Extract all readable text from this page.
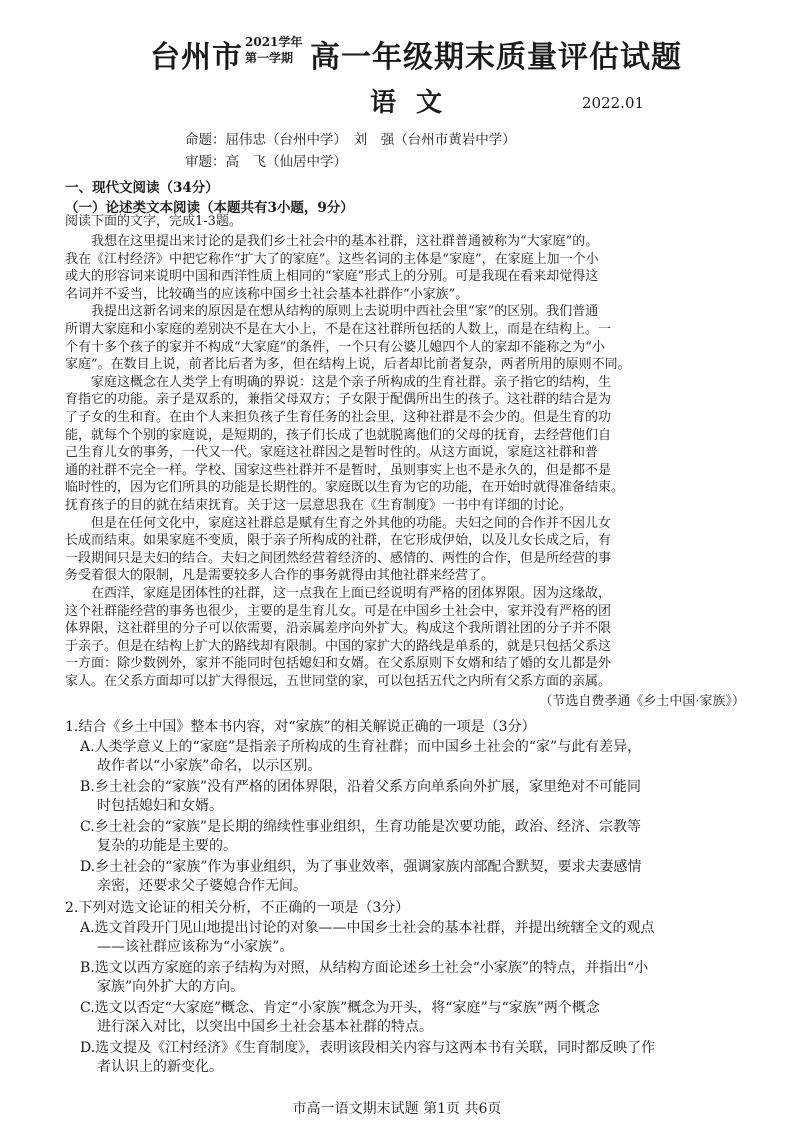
台州市 2021学年
第一学期 高一年级期末质量评估试题
语文	2022.01
命题：屈伟忠（台州中学）　刘　强（台州市黄岩中学）
审题：高　飞（仙居中学）
一、现代文阅读（34分）
（一）论述类文本阅读（本题共有3小题，9分）
阅读下面的文字，完成1-3题。
　　我想在这里提出来讨论的是我们乡土社会中的基本社群，这社群普通被称为“大家庭”的。
我在《江村经济》中把它称作“扩大了的家庭”。这些名词的主体是“家庭”，在家庭上加一个小
或大的形容词来说明中国和西洋性质上相同的“家庭”形式上的分别。可是我现在看来却觉得这
名词并不妥当，比较确当的应该称中国乡土社会基本社群作“小家族”。
　　我提出这新名词来的原因是在想从结构的原则上去说明中西社会里“家”的区别。我们普通
所谓大家庭和小家庭的差别决不是在大小上，不是在这社群所包括的人数上，而是在结构上。一
个有十多个孩子的家并不构成“大家庭”的条件，一个只有公婆儿媳四个人的家却不能称之为“小
家庭”。在数目上说，前者比后者为多，但在结构上说，后者却比前者复杂，两者所用的原则不同。
　　家庭这概念在人类学上有明确的界说：这是个亲子所构成的生育社群。亲子指它的结构，生
育指它的功能。亲子是双系的，兼指父母双方；子女限于配偶所出生的孩子。这社群的结合是为
了子女的生和育。在由个人来担负孩子生育任务的社会里，这种社群是不会少的。但是生育的功
能，就每个个别的家庭说，是短期的，孩子们长成了也就脱离他们的父母的抚育，去经营他们自
己生育儿女的事务，一代又一代。家庭这社群因之是暂时性的。从这方面说，家庭这社群和普
通的社群不完全一样。学校、国家这些社群并不是暂时，虽则事实上也不是永久的，但是都不是
临时性的，因为它们所具的功能是长期性的。家庭既以生育为它的功能，在开始时就得准备结束。
抚育孩子的目的就在结束抚育。关于这一层意思我在《生育制度》一书中有详细的讨论。
　　但是在任何文化中，家庭这社群总是赋有生育之外其他的功能。夫妇之间的合作并不因儿女
长成而结束。如果家庭不变质，限于亲子所构成的社群，在它形成伊始，以及儿女长成之后，有
一段期间只是夫妇的结合。夫妇之间团然经营着经济的、感情的、两性的合作，但是所经营的事
务受着很大的限制，凡是需要较多人合作的事务就得由其他社群来经营了。
　　在西洋，家庭是团体性的社群，这一点我在上面已经说明有严格的团体界限。因为这缘故，
这个社群能经营的事务也很少，主要的是生育儿女。可是在中国乡土社会中，家并没有严格的团
体界限，这社群里的分子可以依需要，沿亲属差序向外扩大。构成这个我所谓社团的分子并不限
于亲子。但是在结构上扩大的路线却有限制。中国的家扩大的路线是单系的，就是只包括父系这
一方面：除少数例外，家并不能同时包括媳妇和女婿。在父系原则下女婿和结了婚的女儿都是外
家人。在父系方面却可以扩大得很远，五世同堂的家，可以包括五代之内所有父系方面的亲属。
（节选自费孝通《乡土中国·家族》）
1.结合《乡土中国》整本书内容，对“家族”的相关解说正确的一项是（3分）
A.人类学意义上的“家庭”是指亲子所构成的生育社群；而中国乡土社会的“家”与此有差异，
故作者以“小家族”命名，以示区别。
B.乡土社会的“家族”没有严格的团体界限，沿着父系方向单系向外扩展，家里绝对不可能同
时包括媳妇和女婿。
C.乡土社会的“家族”是长期的绵续性事业组织，生育功能是次要功能，政治、经济、宗教等
复杂的功能是主要的。
D.乡土社会的“家族”作为事业组织，为了事业效率，强调家族内部配合默契，要求夫妻感情
亲密，还要求父子婆媳合作无间。
2.下列对选文论证的相关分析，不正确的一项是（3分）
A.选文首段开门见山地提出讨论的对象——中国乡土社会的基本社群，并提出统辖全文的观点
——该社群应该称为“小家族”。
B.选文以西方家庭的亲子结构为对照，从结构方面论述乡土社会“小家族”的特点，并指出“小
家族”向外扩大的方向。
C.选文以否定“大家庭”概念、肯定“小家族”概念为开头，将“家庭”与“家族”两个概念
进行深入对比，以突出中国乡土社会基本社群的特点。
D.选文提及《江村经济》《生育制度》，表明该段相关内容与这两本书有关联，同时都反映了作
者认识上的新变化。
市高一语文期末试题 第1页 共6页
